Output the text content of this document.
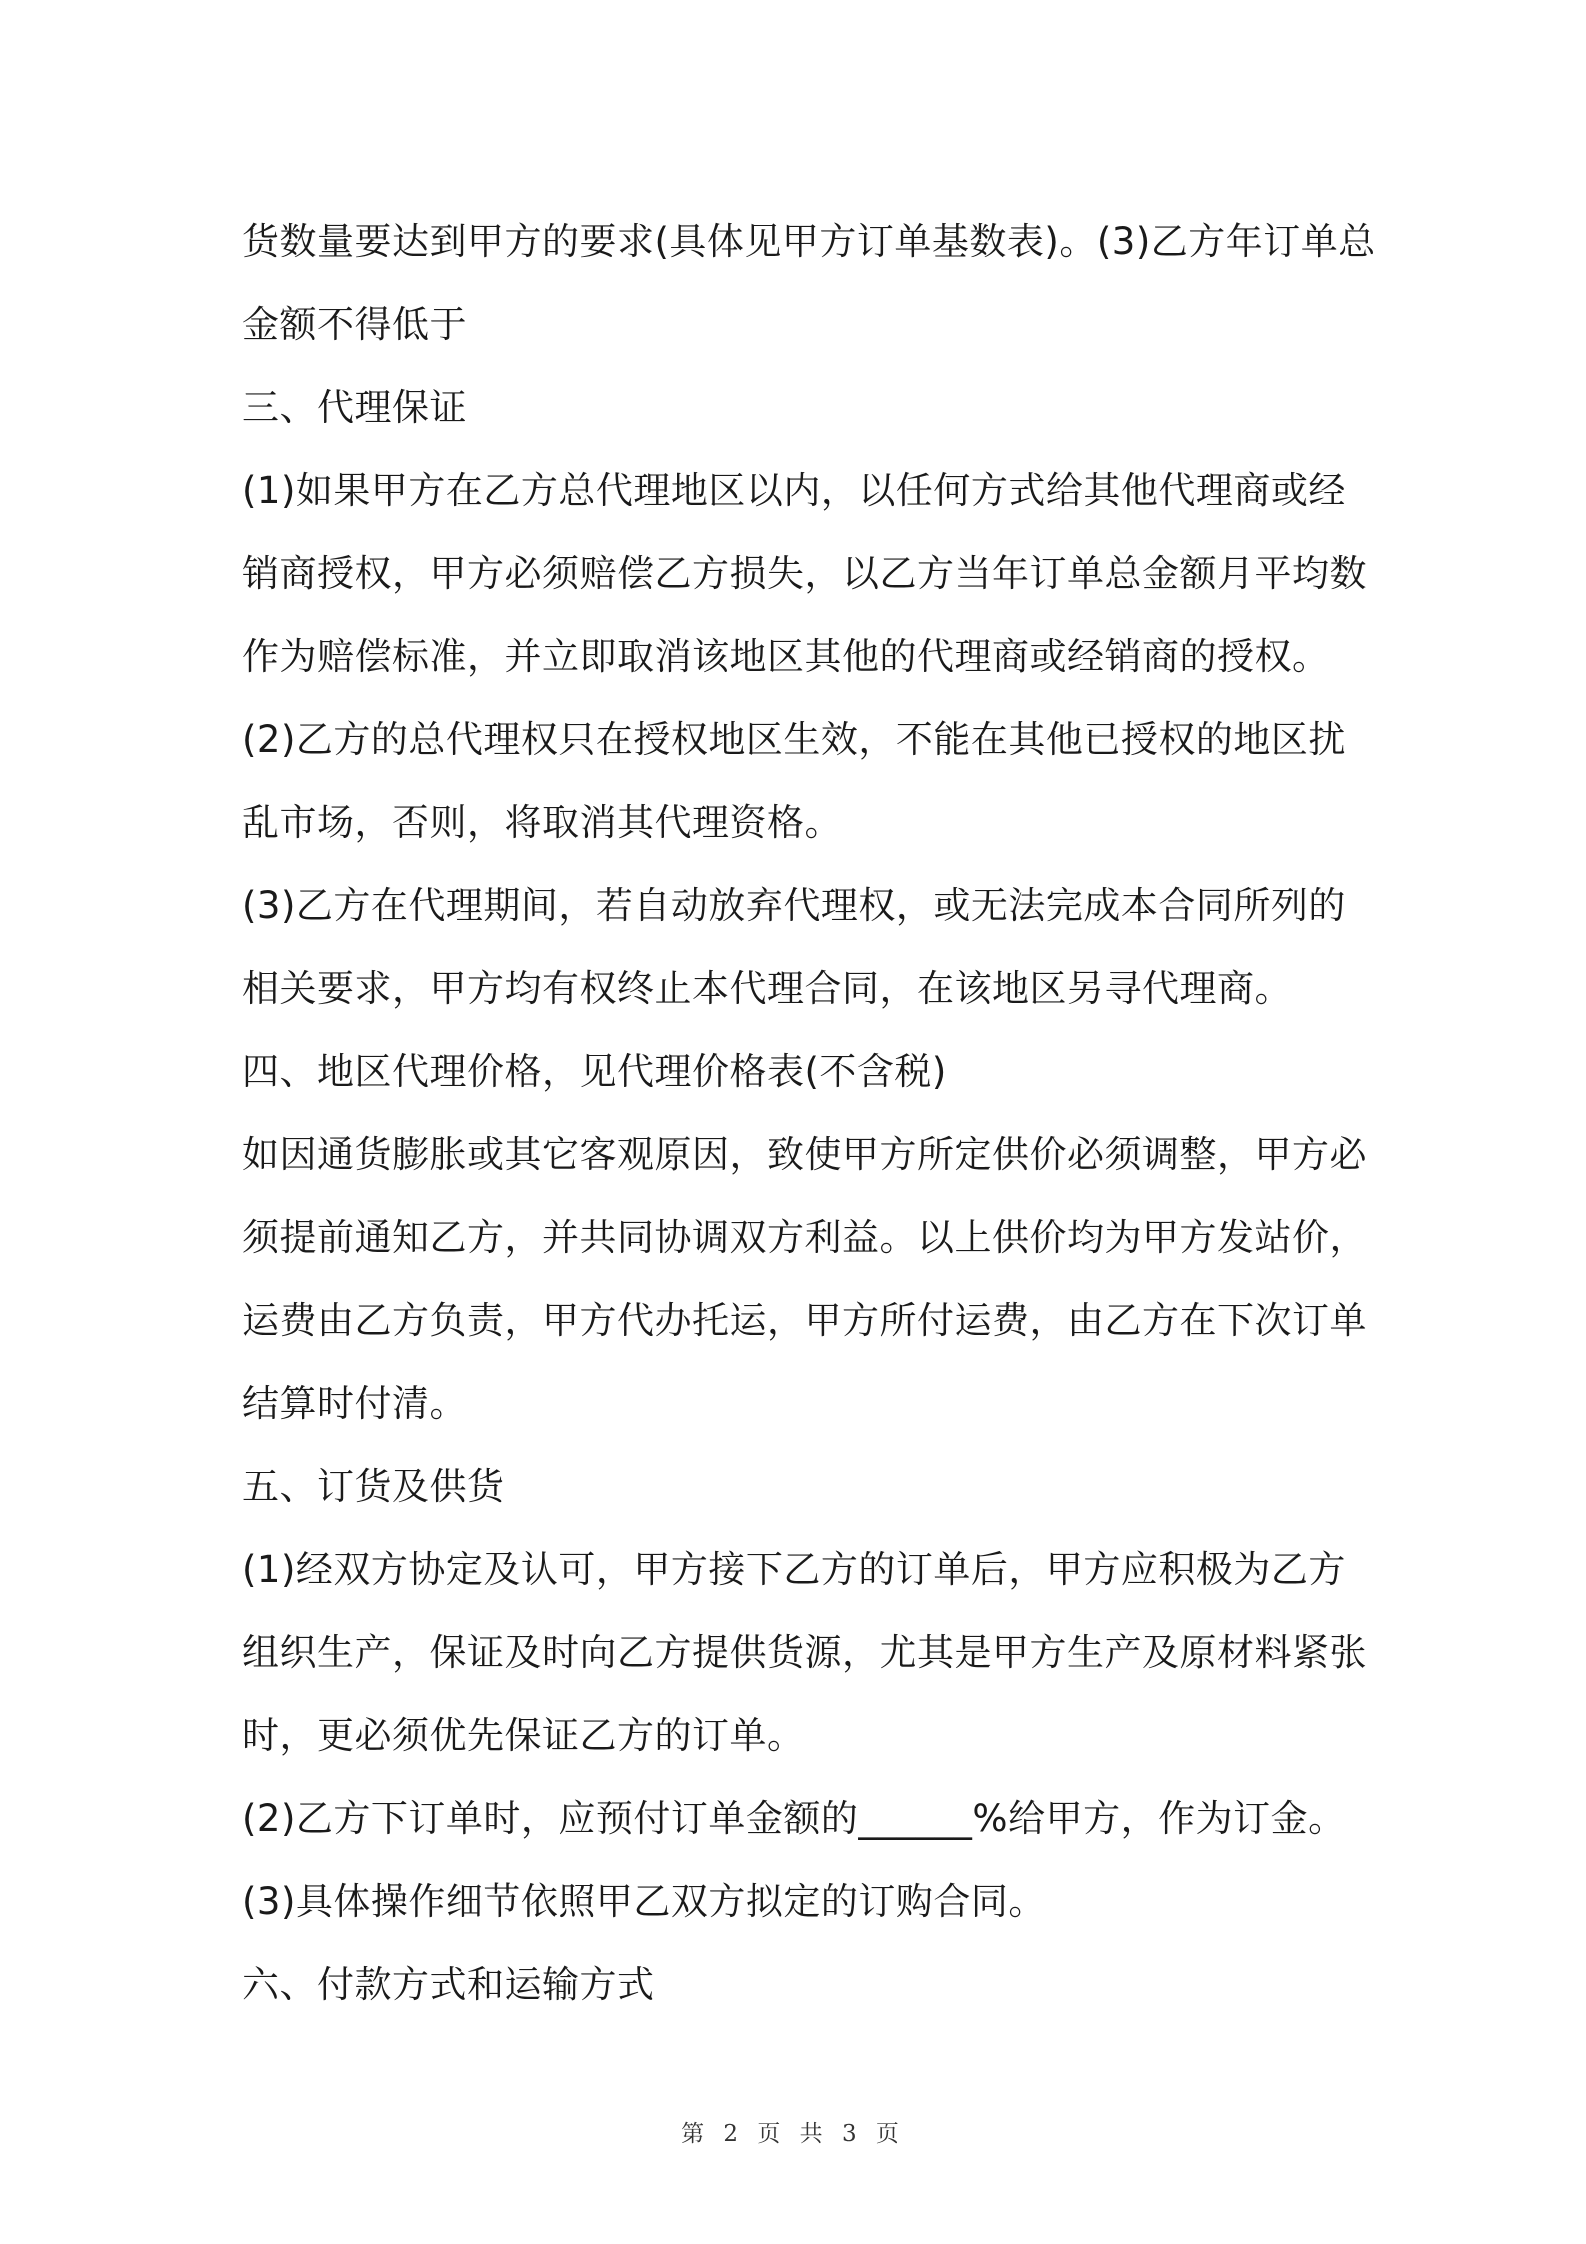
货数量要达到甲方的要求(具体见甲方订单基数表)。(3)乙方年订单总
金额不得低于
三、代理保证
(1)如果甲方在乙方总代理地区以内，以任何方式给其他代理商或经
销商授权，甲方必须赔偿乙方损失，以乙方当年订单总金额月平均数
作为赔偿标准，并立即取消该地区其他的代理商或经销商的授权。
(2)乙方的总代理权只在授权地区生效，不能在其他已授权的地区扰
乱市场，否则，将取消其代理资格。
(3)乙方在代理期间，若自动放弃代理权，或无法完成本合同所列的
相关要求，甲方均有权终止本代理合同，在该地区另寻代理商。
四、地区代理价格，见代理价格表(不含税)
如因通货膨胀或其它客观原因，致使甲方所定供价必须调整，甲方必
须提前通知乙方，并共同协调双方利益。以上供价均为甲方发站价，
运费由乙方负责，甲方代办托运，甲方所付运费，由乙方在下次订单
结算时付清。
五、订货及供货
(1)经双方协定及认可，甲方接下乙方的订单后，甲方应积极为乙方
组织生产，保证及时向乙方提供货源，尤其是甲方生产及原材料紧张
时，更必须优先保证乙方的订单。
(2)乙方下订单时，应预付订单金额的______%给甲方，作为订金。
(3)具体操作细节依照甲乙双方拟定的订购合同。
六、付款方式和运输方式
第 2 页 共 3 页
